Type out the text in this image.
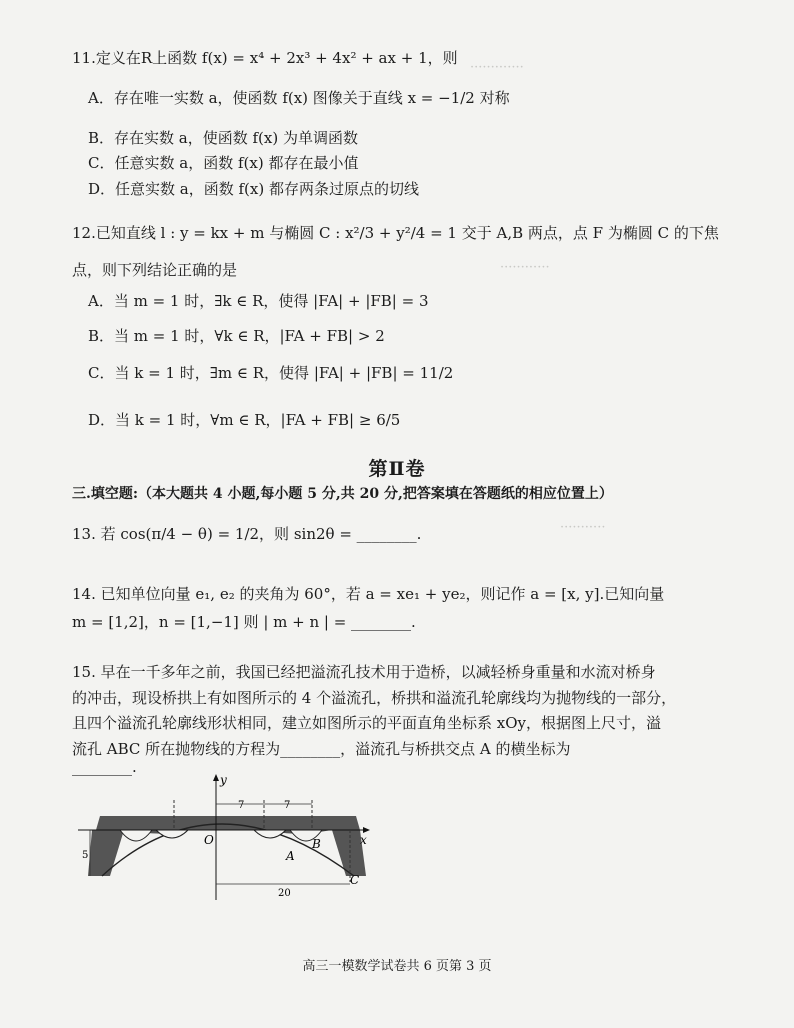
·············
············
···········
11.定义在R上函数 f(x) = x⁴ + 2x³ + 4x² + ax + 1，则
A．存在唯一实数 a，使函数 f(x) 图像关于直线 x = −1/2 对称
B．存在实数 a，使函数 f(x) 为单调函数
C．任意实数 a，函数 f(x) 都存在最小值
D．任意实数 a，函数 f(x) 都存两条过原点的切线
12.已知直线 l : y = kx + m 与椭圆 C : x²/3 + y²/4 = 1 交于 A,B 两点，点 F 为椭圆 C 的下焦
点，则下列结论正确的是
A．当 m = 1 时，∃k ∈ R，使得 |FA| + |FB| = 3
B．当 m = 1 时，∀k ∈ R，|FA + FB| > 2
C．当 k = 1 时，∃m ∈ R，使得 |FA| + |FB| = 11/2
D．当 k = 1 时，∀m ∈ R，|FA + FB| ≥ 6/5
第Ⅱ卷
三.填空题:（本大题共 4 小题,每小题 5 分,共 20 分,把答案填在答题纸的相应位置上）
13. 若 cos(π/4 − θ) = 1/2，则 sin2θ = ________.
14. 已知单位向量 e₁, e₂ 的夹角为 60°，若 a = xe₁ + ye₂，则记作 a = [x, y].已知向量
m = [1,2]，n = [1,−1] 则 | m + n | = ________.
15. 早在一千多年之前，我国已经把溢流孔技术用于造桥，以减轻桥身重量和水流对桥身
的冲击，现设桥拱上有如图所示的 4 个溢流孔，桥拱和溢流孔轮廓线均为抛物线的一部分，
且四个溢流孔轮廓线形状相同，建立如图所示的平面直角坐标系 xOy，根据图上尺寸，溢
流孔 ABC 所在抛物线的方程为________，溢流孔与桥拱交点 A 的横坐标为
________.
y
x
O
A
B
C
7	7
5
20
高三一模数学试卷共 6 页第 3 页
